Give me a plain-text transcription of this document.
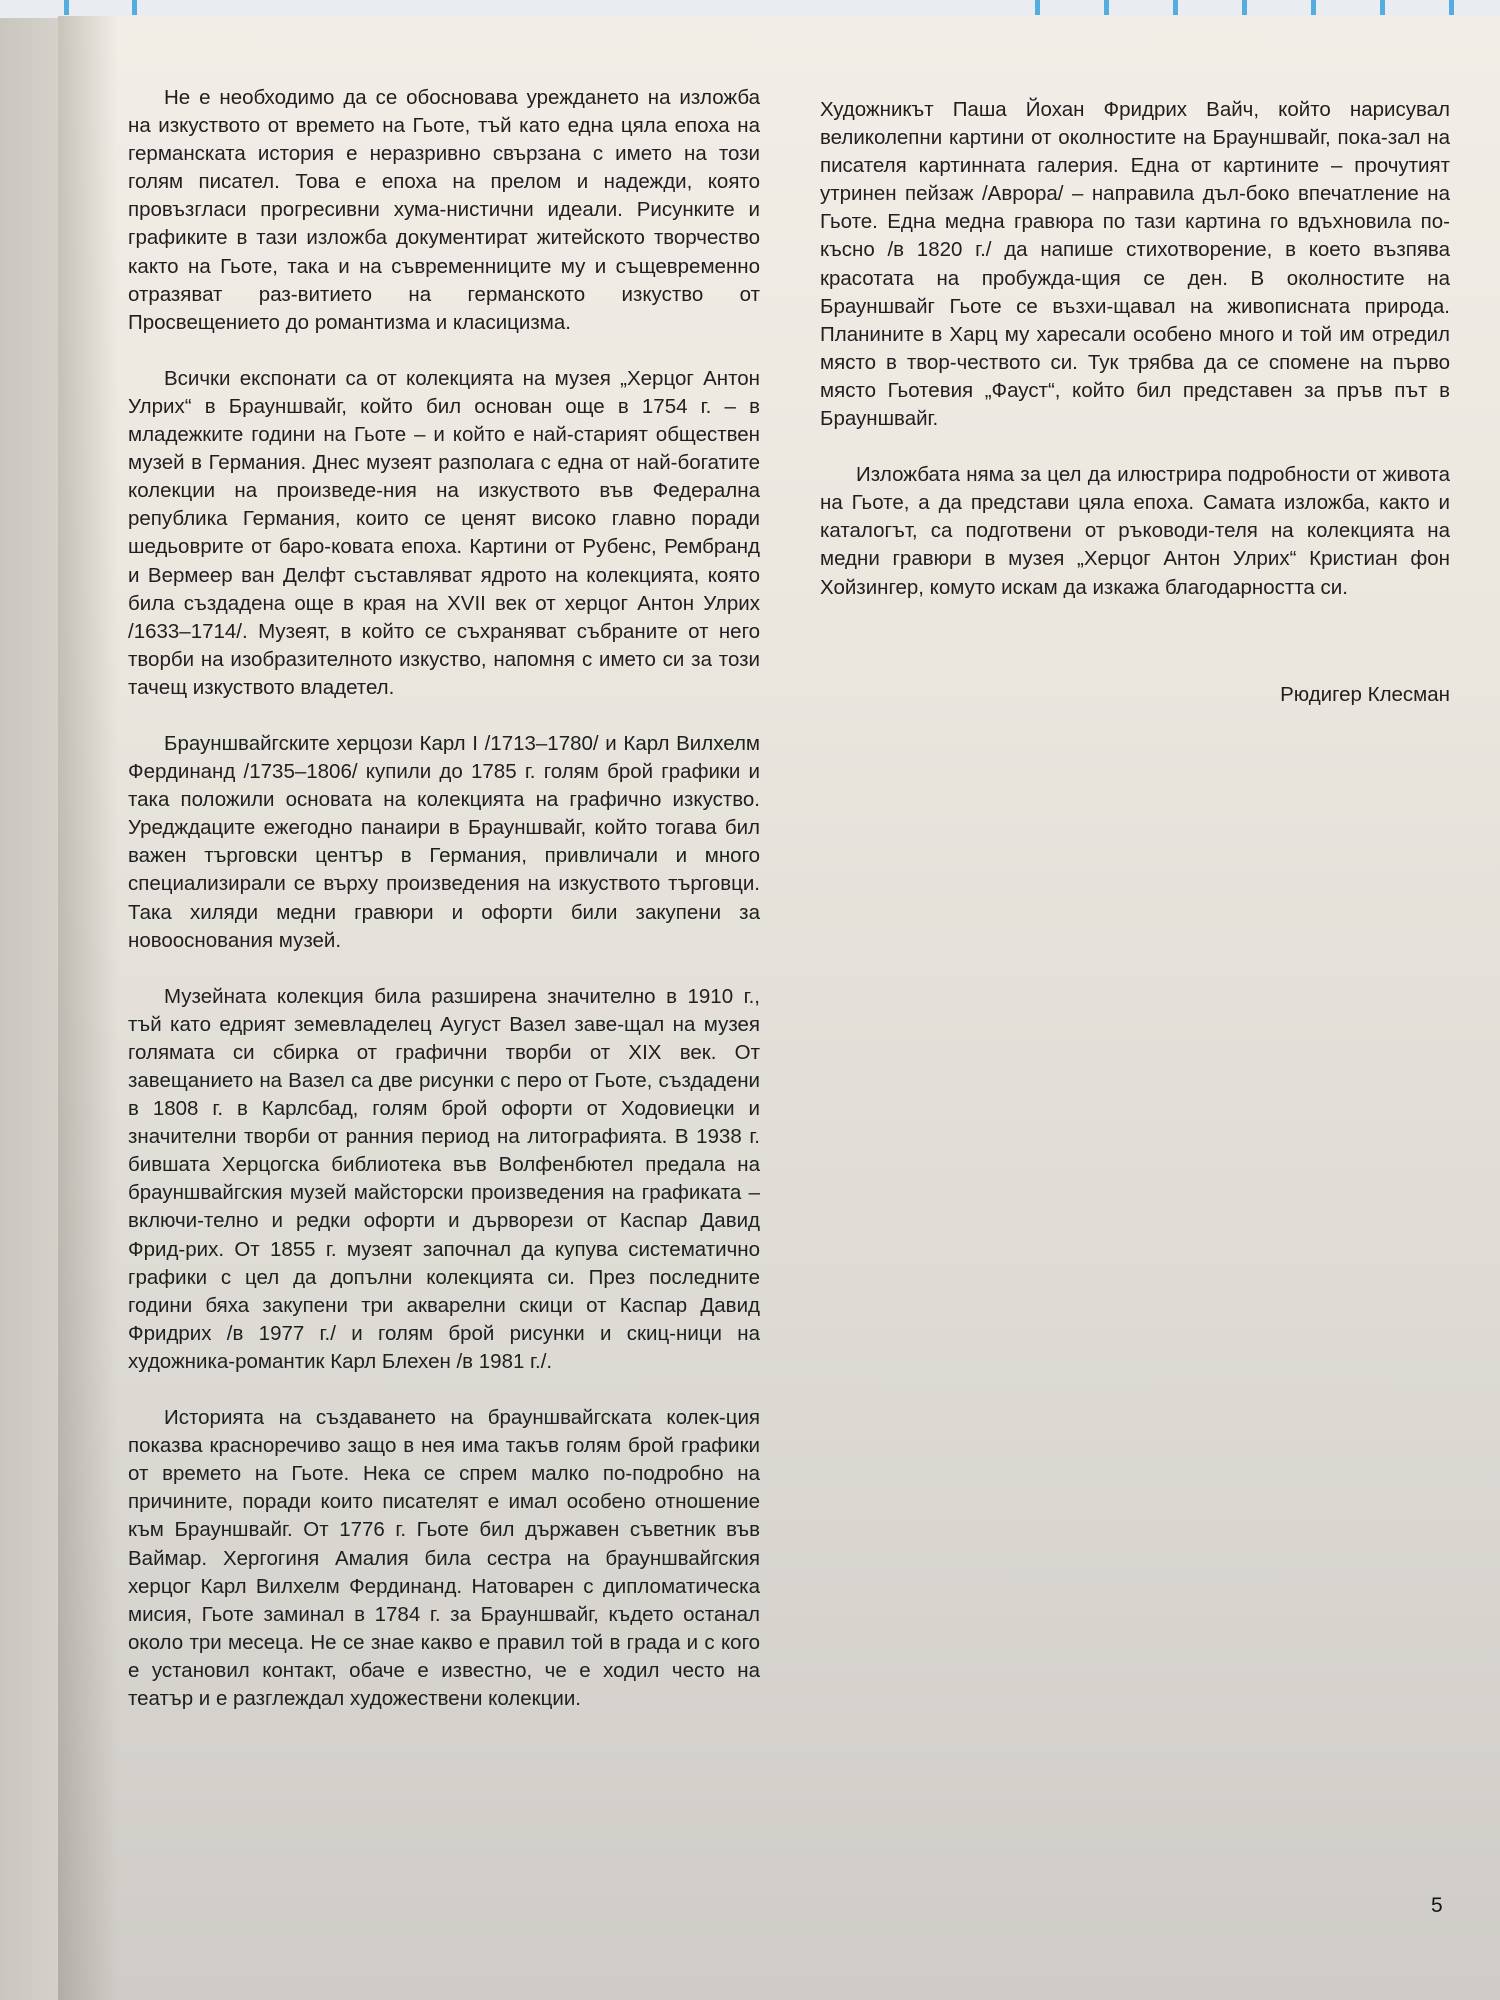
Не е необходимо да се обосновава уреждането на изложба на изкуството от времето на Гьоте, тъй като една цяла епоха на германската история е неразривно свързана с името на този голям писател. Това е епоха на прелом и надежди, която провъзгласи прогресивни хума-нистични идеали. Рисунките и графиките в тази изложба документират житейското творчество както на Гьоте, така и на съвременниците му и същевременно отразяват раз-витието на германското изкуство от Просвещението до романтизма и класицизма.

Всички експонати са от колекцията на музея „Херцог Антон Улрих“ в Брауншвайг, който бил основан още в 1754 г. – в младежките години на Гьоте – и който е най-старият обществен музей в Германия. Днес музеят разполага с една от най-богатите колекции на произведе-ния на изкуството във Федерална република Германия, които се ценят високо главно поради шедьоврите от баро-ковата епоха. Картини от Рубенс, Рембранд и Вермеер ван Делфт съставляват ядрото на колекцията, която била създадена още в края на XVII век от херцог Антон Улрих /1633–1714/. Музеят, в който се съхраняват събраните от него творби на изобразителното изкуство, напомня с името си за този тачещ изкуството владетел.

Брауншвайгските херцози Карл I /1713–1780/ и Карл Вилхелм Фердинанд /1735–1806/ купили до 1785 г. голям брой графики и така положили основата на колекцията на графично изкуство. Уредждаците ежегодно панаири в Брауншвайг, който тогава бил важен търговски център в Германия, привличали и много специализирали се върху произведения на изкуството търговци. Така хиляди медни гравюри и офорти били закупени за новооснования музей.

Музейната колекция била разширена значително в 1910 г., тъй като едрият земевладелец Аугуст Вазел заве-щал на музея голямата си сбирка от графични творби от XIX век. От завещанието на Вазел са две рисунки с перо от Гьоте, създадени в 1808 г. в Карлсбад, голям брой офорти от Ходовиецки и значителни творби от ранния период на литографията. В 1938 г. бившата Херцогска библиотека във Волфенбютел предала на брауншвайгския музей майсторски произведения на графиката – включи-телно и редки офорти и дърворези от Каспар Давид Фрид-рих. От 1855 г. музеят започнал да купува систематично графики с цел да допълни колекцията си. През последните години бяха закупени три акварелни скици от Каспар Давид Фридрих /в 1977 г./ и голям брой рисунки и скиц-ници на художника-романтик Карл Блехен /в 1981 г./.

Историята на създаването на брауншвайгската колек-ция показва красноречиво защо в нея има такъв голям брой графики от времето на Гьоте. Нека се спрем малко по-подробно на причините, поради които писателят е имал особено отношение към Брауншвайг. От 1776 г. Гьоте бил държавен съветник във Ваймар. Хергогиня Амалия била сестра на брауншвайгския херцог Карл Вилхелм Фердинанд. Натоварен с дипломатическа мисия, Гьоте заминал в 1784 г. за Брауншвайг, където останал около три месеца. Не се знае какво е правил той в града и с кого е установил контакт, обаче е известно, че е ходил често на театър и е разглеждал художествени колекции.

Художникът Паша Йохан Фридрих Вайч, който нарисувал великолепни картини от околностите на Брауншвайг, пока-зал на писателя картинната галерия. Една от картините – прочутият утринен пейзаж /Аврора/ – направила дъл-боко впечатление на Гьоте. Една медна гравюра по тази картина го вдъхновила по-късно /в 1820 г./ да напише стихотворение, в което възпява красотата на пробужда-щия се ден. В околностите на Брауншвайг Гьоте се възхи-щавал на живописната природа. Планините в Харц му харесали особено много и той им отредил място в твор-чеството си. Тук трябва да се спомене на първо място Гьотевия „Фауст“, който бил представен за пръв път в Брауншвайг.

Изложбата няма за цел да илюстрира подробности от живота на Гьоте, а да представи цяла епоха. Самата изложба, както и каталогът, са подготвени от ръководи-теля на колекцията на медни гравюри в музея „Херцог Антон Улрих“ Кристиан фон Хойзингер, комуто искам да изкажа благодарността си.

Рюдигер Клесман
5
